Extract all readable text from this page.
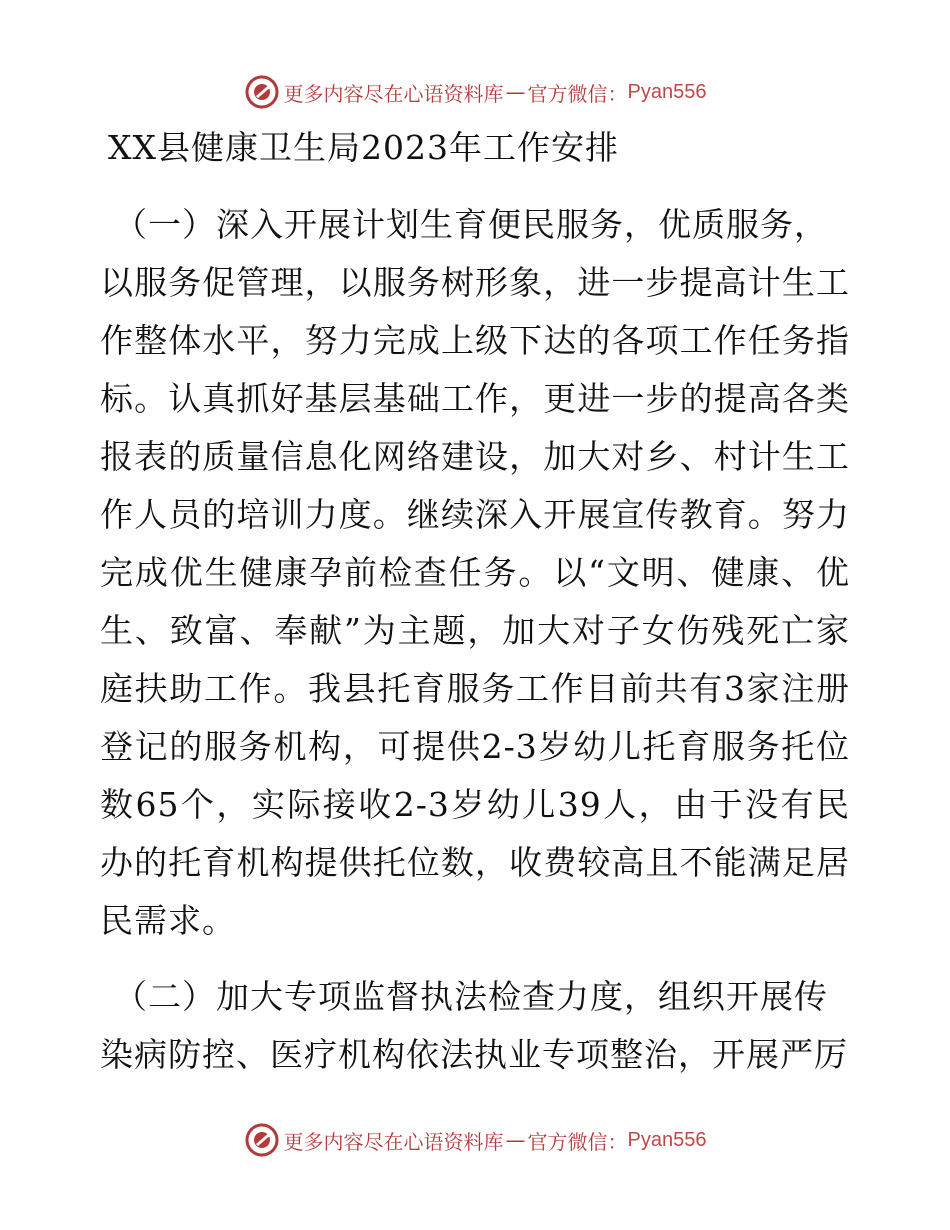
更多内容尽在心语资料库 — 官方微信： Pyan556
XX县健康卫生局2023年工作安排

（一）深入开展计划生育便民服务，优质服务，
以服务促管理，以服务树形象，进一步提高计生工作整体水平，努力完成上级下达的各项工作任务指标。认真抓好基层基础工作，更进一步的提高各类报表的质量信息化网络建设，加大对乡、村计生工作人员的培训力度。继续深入开展宣传教育。努力完成优生健康孕前检查任务。以“文明、健康、优生、致富、奉献”为主题，加大对子女伤残死亡家庭扶助工作。我县托育服务工作目前共有3家注册登记的服务机构，可提供2-3岁幼儿托育服务托位数65个，实际接收2-3岁幼儿39人，由于没有民办的托育机构提供托位数，收费较高且不能满足居民需求。

（二）加大专项监督执法检查力度，组织开展传
染病防控、医疗机构依法执业专项整治，开展严厉

更多内容尽在心语资料库 — 官方微信： Pyan556
